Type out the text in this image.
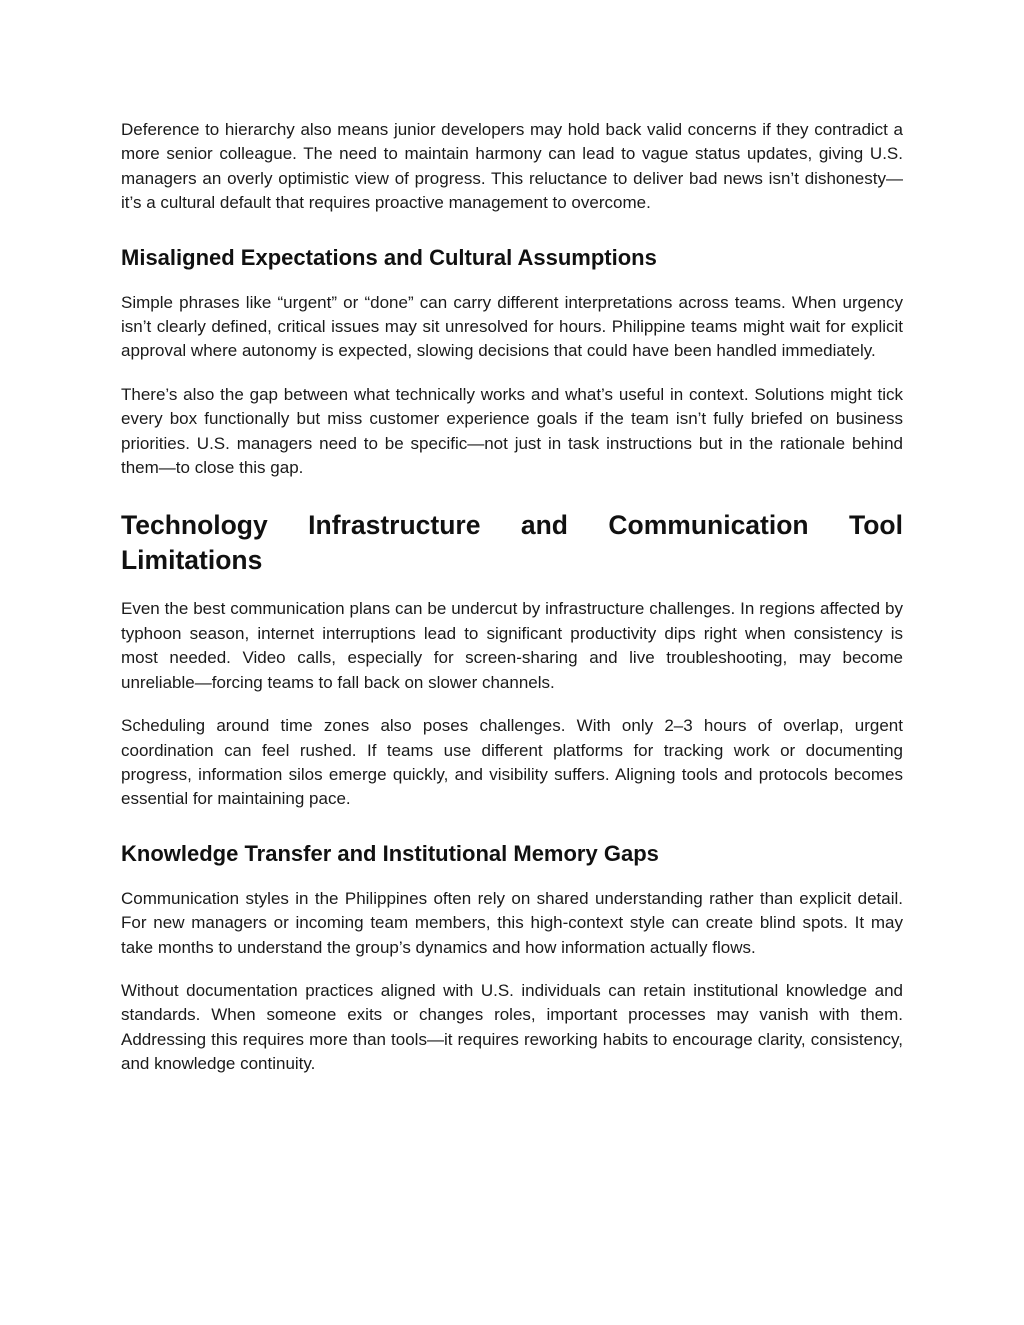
Deference to hierarchy also means junior developers may hold back valid concerns if they contradict a more senior colleague. The need to maintain harmony can lead to vague status updates, giving U.S. managers an overly optimistic view of progress. This reluctance to deliver bad news isn’t dishonesty—it’s a cultural default that requires proactive management to overcome.

Misaligned Expectations and Cultural Assumptions

Simple phrases like “urgent” or “done” can carry different interpretations across teams. When urgency isn’t clearly defined, critical issues may sit unresolved for hours. Philippine teams might wait for explicit approval where autonomy is expected, slowing decisions that could have been handled immediately.

There’s also the gap between what technically works and what’s useful in context. Solutions might tick every box functionally but miss customer experience goals if the team isn’t fully briefed on business priorities. U.S. managers need to be specific—not just in task instructions but in the rationale behind them—to close this gap.

Technology Infrastructure and Communication Tool Limitations

Even the best communication plans can be undercut by infrastructure challenges. In regions affected by typhoon season, internet interruptions lead to significant productivity dips right when consistency is most needed. Video calls, especially for screen-sharing and live troubleshooting, may become unreliable—forcing teams to fall back on slower channels.

Scheduling around time zones also poses challenges. With only 2–3 hours of overlap, urgent coordination can feel rushed. If teams use different platforms for tracking work or documenting progress, information silos emerge quickly, and visibility suffers. Aligning tools and protocols becomes essential for maintaining pace.

Knowledge Transfer and Institutional Memory Gaps

Communication styles in the Philippines often rely on shared understanding rather than explicit detail. For new managers or incoming team members, this high-context style can create blind spots. It may take months to understand the group’s dynamics and how information actually flows.

Without documentation practices aligned with U.S. individuals can retain institutional knowledge and standards. When someone exits or changes roles, important processes may vanish with them. Addressing this requires more than tools—it requires reworking habits to encourage clarity, consistency, and knowledge continuity.
